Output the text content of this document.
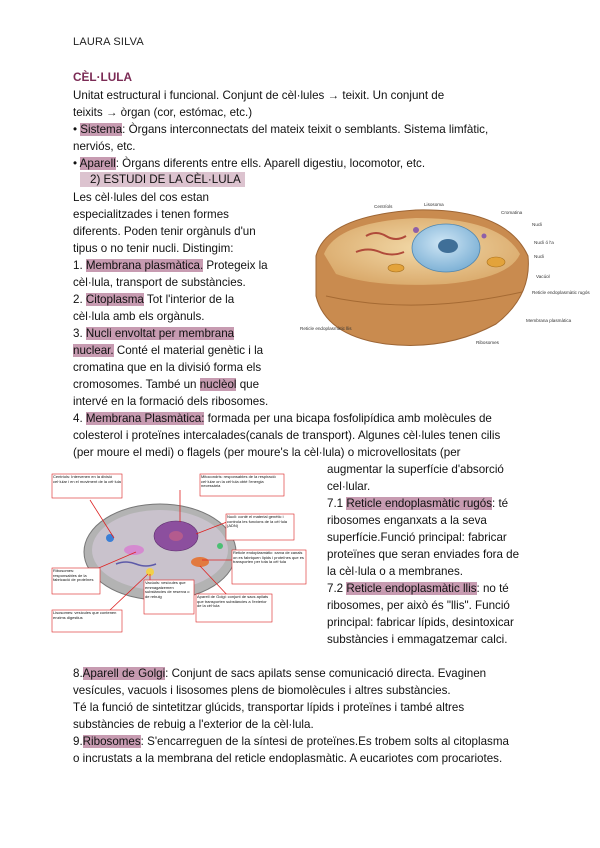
LAURA SILVA
CÈL·LULA
Unitat estructural i funcional. Conjunt de cèl·lules → teixit. Un conjunt de
teixits → òrgan (cor, estómac, etc.)
• Sistema: Òrgans interconnectats del mateix teixit o semblants. Sistema limfàtic,
nerviós, etc.
• Aparell: Òrgans diferents entre ells. Aparell digestiu, locomotor, etc.
2) ESTUDI DE LA CÈL·LULA
Les cèl·lules del cos estan
especialitzades i tenen formes
diferents. Poden tenir orgànuls d'un
tipus o no tenir nucli. Distingim:
1. Membrana plasmàtica. Protegeix la
cèl·lula, transport de substàncies.
2. Citoplasma Tot l'interior de la
cèl·lula amb els orgànuls.
3. Nucli envoltat per membrana
nuclear. Conté el material genètic i la
cromatina que en la divisió forma els
cromosomes. També un nuclèol que
intervé en la formació dels ribosomes.
4. Membrana Plasmàtica: formada per una bicapa fosfolipídica amb molècules de
colesterol i proteïnes intercalades(canals de transport). Algunes cèl·lules tenen cilis
(per moure el medi) o flagels (per moure's la cèl·lula) o microvellositats (per
augmentar la superfície d'absorció
cel·lular.
7.1 Reticle endoplasmàtic rugós: té
ribosomes enganxats a la seva
superfície.Funció principal: fabricar
proteïnes que seran enviades fora de
la cèl·lula o a membranes.
7.2 Reticle endoplasmàtic llis: no té
ribosomes, per això és "llis". Funció
principal: fabricar lípids, desintoxicar
substàncies i emmagatzemar calci.
8.Aparell de Golgi: Conjunt de sacs apilats sense comunicació directa. Evaginen
vesícules, vacuols i lisosomes plens de biomolècules i altres substàncies.
Té la funció de sintetitzar glúcids, transportar lípids i proteïnes i també altres
substàncies de rebuig a l'exterior de la cèl·lula.
9.Ribosomes: S'encarreguen de la síntesi de proteïnes.Es trobem solts al citoplasma
o incrustats a la membrana del reticle endoplasmàtic. A eucariotes com procariotes.
Centríols	Lisosoma
Cromatina
Nucli
Nucli ó l'a
Nucli
Vacúol
Reticle endoplasmàtic rugós
Membrana plasmàtica
Reticle endoplasmàtic llis
Ribosomes
Centríols: Intervenen en la divisió cel·lular i en el moviment de la cèl·lula
Mitocondris: responsables de la respiració cel·lular on la cèl·lula obté l'energia necessària
Nucli: conté el material genètic i controla les funcions de la cèl·lula (ADN)
Reticle endoplasmàtic: xarxa de canals on es fabriquen lípids i proteïnes que es transporten per tota la cèl·lula
Ribosomes: responsables de la fabricació de proteïnes
Vacúols: vesícules que emmagatzemen substàncies de reserva o de rebuig	Aparell de Golgi: conjunt de sacs apilats que transporten substàncies a l'exterior de la cèl·lula
Lisosomes: vesícules que contenen enzims digestius
